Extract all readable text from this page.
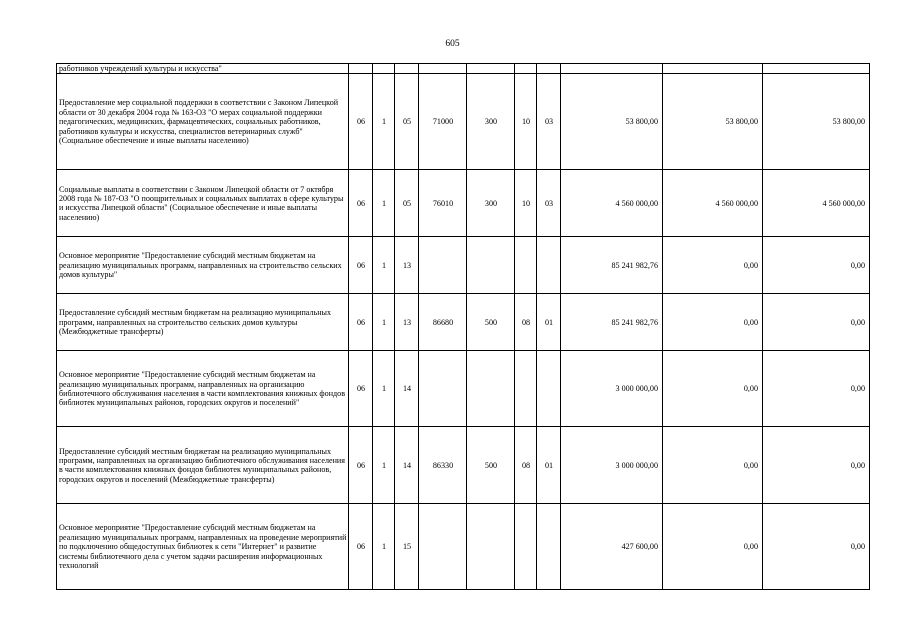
605
работников учреждений культуры и искусства"										
Предоставление мер социальной поддержки в соответствии с Законом Липецкой области от 30 декабря 2004 года № 163-ОЗ "О мерах социальной поддержки педагогических, медицинских, фармацевтических, социальных работников, работников культуры и искусства, специалистов ветеринарных служб" (Социальное обеспечение и иные выплаты населению)	06	1	05	71000	300	10	03	53 800,00	53 800,00	53 800,00
Социальные выплаты в соответствии с Законом Липецкой области от 7 октября 2008 года № 187-ОЗ "О поощрительных и социальных выплатах в сфере культуры и искусства Липецкой области" (Социальное обеспечение и иные выплаты населению)	06	1	05	76010	300	10	03	4 560 000,00	4 560 000,00	4 560 000,00
Основное мероприятие "Предоставление субсидий местным бюджетам на реализацию муниципальных программ, направленных на строительство сельских домов культуры"	06	1	13					85 241 982,76	0,00	0,00
Предоставление субсидий местным бюджетам на реализацию муниципальных программ, направленных на строительство сельских домов культуры (Межбюджетные трансферты)	06	1	13	86680	500	08	01	85 241 982,76	0,00	0,00
Основное мероприятие "Предоставление субсидий местным бюджетам на реализацию муниципальных программ, направленных на организацию библиотечного обслуживания населения в части комплектования книжных фондов библиотек муниципальных районов, городских округов и поселений"	06	1	14					3 000 000,00	0,00	0,00
Предоставление субсидий местным бюджетам на реализацию муниципальных программ, направленных на организацию библиотечного обслуживания населения в части комплектования книжных фондов библиотек муниципальных районов, городских округов и поселений (Межбюджетные трансферты)	06	1	14	86330	500	08	01	3 000 000,00	0,00	0,00
Основное мероприятие "Предоставление субсидий местным бюджетам на реализацию муниципальных программ, направленных на проведение мероприятий по подключению общедоступных библиотек к сети "Интернет" и развитие системы библиотечного дела с учетом задачи расширения информационных технологий	06	1	15					427 600,00	0,00	0,00
